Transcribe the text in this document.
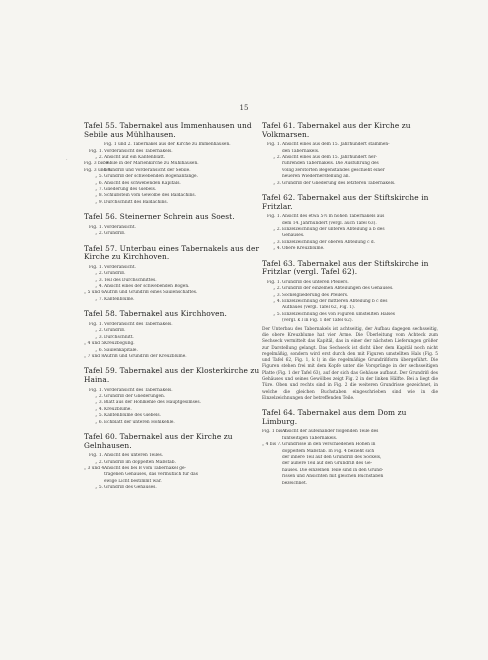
15
·
Tafel 55. Tabernakel aus Immenhausen und Sebile aus Mühlhausen.
Fig. 1 und 2. Tabernakel aus der Kirche zu Immenhausen.
Fig. 1. Vorderansicht des Tabernakels.
„ 2. Ansicht auf ein Kantenblatt.
Fig. 3 bis 9.
Sebile in der Marienkirche zu Mühlhausen.
Fig. 3 und 4.
Grundriß und Vorderansicht der Sebile.
„ 5. Grundriß der schwebenden Bogenanfänge.
„ 6. Ansicht des schwebenden Kapitäls.
„ 7. Gliederung des Giebels.
„ 8. Schlußstein vom Gewölbe des Baldachins.
„ 9. Durchschnitt des Baldachins.
Tafel 56. Steinerner Schrein aus Soest.
Fig. 1. Vorderansicht.
„ 2. Grundriß.
Tafel 57. Unterbau eines Tabernakels aus der Kirche zu Kirchhoven.
Fig. 1. Vorderansicht.
„ 2. Grundriß.
„ 3. Teil des Durchschnittes.
„ 4. Ansicht eines der schwebenden Bögen.
„ 5 und 6.
Aufriß und Grundriß eines Säulenschaftes.
„ 7. Kantenblume.
Tafel 58. Tabernakel aus Kirchhoven.
Fig. 1. Vorderansicht des Tabernakels.
„ 2. Grundriß.
„ 3. Durchschnitt.
„ 4 und 5.
Kreuzbogung.
„ 6. Säulenkapitäle.
„ 7 und 8.
Aufriß und Grundriß der Kreuzblume.
Tafel 59. Tabernakel aus der Klosterkirche zu Haina.
Fig. 1. Vorderansicht des Tabernakels.
„ 2. Grundriß der Gliederungen.
„ 3. Blatt aus der Hohlkehle des Hauptgesimses.
„ 4. Kreuzblume.
„ 5. Kantenblume des Giebels.
„ 6. Echblatt der unteren Hohlkehle.
Tafel 60. Tabernakel aus der Kirche zu Gelnhausen.
Fig. 1. Ansicht des unteren Teiles.
„ 2. Grundriß im doppelten Maßstab.
„ 3 und 4.
Ansicht des bei B vom Tabernakel ge-
tragenen Gehäuses, das vermutlich für das
ewige Licht bestimmt war.
„ 5. Grundriß des Gehäuses.
Tafel 61. Tabernakel aus der Kirche zu Volkmarsen.
Fig. 1. Ansicht eines aus dem 15. Jahrhundert stammen-
den Tabernakels.
„ 2. Ansicht eines aus dem 15. Jahrhundert her-
rührenden Tabernakels. Die Ausführung des
völlig zerstörten Begenstandes geschieht einer
neueren Wiederherstellung an.
„ 3. Grundriß der Gliederung des letzteren Tabernakels.
Tafel 62. Tabernakel aus der Stiftskirche in Fritzlar.
Fig. 1. Ansicht des etwa 5½ m hohen Tabernakels aus
dem 14. Jahrhundert (vergl. auch Tafel 63).
„ 2. Einzelzeichnung der unteren Abteilung a b des
Gehäuses.
„ 3. Einzelzeichnung der oberen Abteilung c d.
„ 4. Obere Kreuzblume.
Tafel 63. Tabernakel aus der Stiftskirche in Fritzlar (vergl. Tafel 62).
Fig. 1. Grundriß des unteren Pfeilers.
„ 2. Grundriß der einzelnen Abteilungen des Gehäuses.
„ 3. Sockelgliederung des Pfeilers.
„ 4. Einzelzeichnung der mittleren Abteilung b c des
Aufbaues (vergl. Tafel 62, Fig. 1).
„ 5. Einzelzeichnung des von Figuren umstellten Halses
(vergl. k l in Fig. 1 der Tafel 62).
Der Unterbau des Tabernakels ist achtseitig, der Aufbau dagegen sechsseitig, die obere Kreuzblume hat vier Arme. Die Überleitung vom Achteck zum Sechseck vermittelt das Kapitäl, das in einer der nächsten Lieferungen größer zur Darstellung gelangt. Das Sechseck ist dicht über dem Kapitäl noch nicht regelmäßig, sondern wird erst durch den mit Figuren umstellten Hals (Fig. 5 und Tafel 62, Fig. 1, k l) in die regelmäßige Grundrißform übergeführt. Die Figuren stehen frei mit dem Kopfe unter die Vorsprünge in der sechsseitigen Platte (Fig. 1 der Tafel 63), auf der sich das Gehäuse aufbaut. Der Grundriß des Gehäuses und seines Gewölbes zeigt Fig. 2 in der linken Hälfte. Bei a liegt die Türe. Oben und rechts sind in Fig. 2 die weiteren Grundrisse gezeichnet, in welche die gleichen Buchstaben eingeschrieben sind wie in die Einzelzeichnungen der betreffenden Teile.
Tafel 64. Tabernakel aus dem Dom zu Limburg.
Fig. 1 bis 3.
Ansicht der aufeinander folgenden Teile des
fünfseitigen Tabernakels.
„ 4 bis 7. Grundrisse in den verschiedenen Höhen in
doppeltem Maßstab. In Fig. 4 bezieht sich
der innere Teil auf den Grundriß des Sockels,
der äußere Teil auf den Grundriß des Ge-
häuses. Die einzelnen Teile sind in den Grund-
rissen und Ansichten mit gleichen Buchstaben
bezeichnet.
